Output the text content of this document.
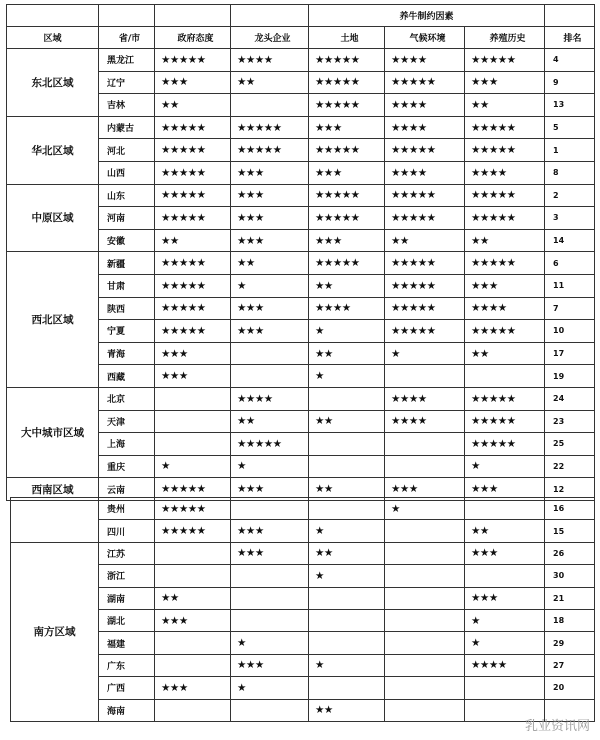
				养牛制约因素			
区域	省/市	政府态度	龙头企业	土地	气候环境	养殖历史	排名
东北区域	黑龙江	★★★★★	★★★★	★★★★★	★★★★	★★★★★	4
	辽宁	★★★	★★	★★★★★	★★★★★	★★★	9
	吉林	★★		★★★★★	★★★★	★★	13
华北区域	内蒙古	★★★★★	★★★★★	★★★	★★★★	★★★★★	5
	河北	★★★★★	★★★★★	★★★★★	★★★★★	★★★★★	1
	山西	★★★★★	★★★	★★★	★★★★	★★★★	8
中原区域	山东	★★★★★	★★★	★★★★★	★★★★★	★★★★★	2
	河南	★★★★★	★★★	★★★★★	★★★★★	★★★★★	3
	安徽	★★	★★★	★★★	★★	★★	14
西北区域	新疆	★★★★★	★★	★★★★★	★★★★★	★★★★★	6
	甘肃	★★★★★	★	★★	★★★★★	★★★	11
	陕西	★★★★★	★★★	★★★★	★★★★★	★★★★	7
	宁夏	★★★★★	★★★	★	★★★★★	★★★★★	10
	青海	★★★		★★	★	★★	17
	西藏	★★★		★			19
大中城市区域	北京		★★★★		★★★★	★★★★★	24
	天津		★★	★★	★★★★	★★★★★	23
	上海		★★★★★			★★★★★	25
	重庆	★	★			★	22
西南区域	云南	★★★★★	★★★	★★	★★★	★★★	12
	贵州	★★★★★			★		16
	四川	★★★★★	★★★	★		★★	15
南方区域	江苏		★★★	★★		★★★	26
	浙江			★			30
	湖南	★★				★★★	21
	湖北	★★★				★	18
	福建		★			★	29
	广东		★★★	★		★★★★	27
	广西	★★★	★				20
	海南			★★			
乳业资讯网
